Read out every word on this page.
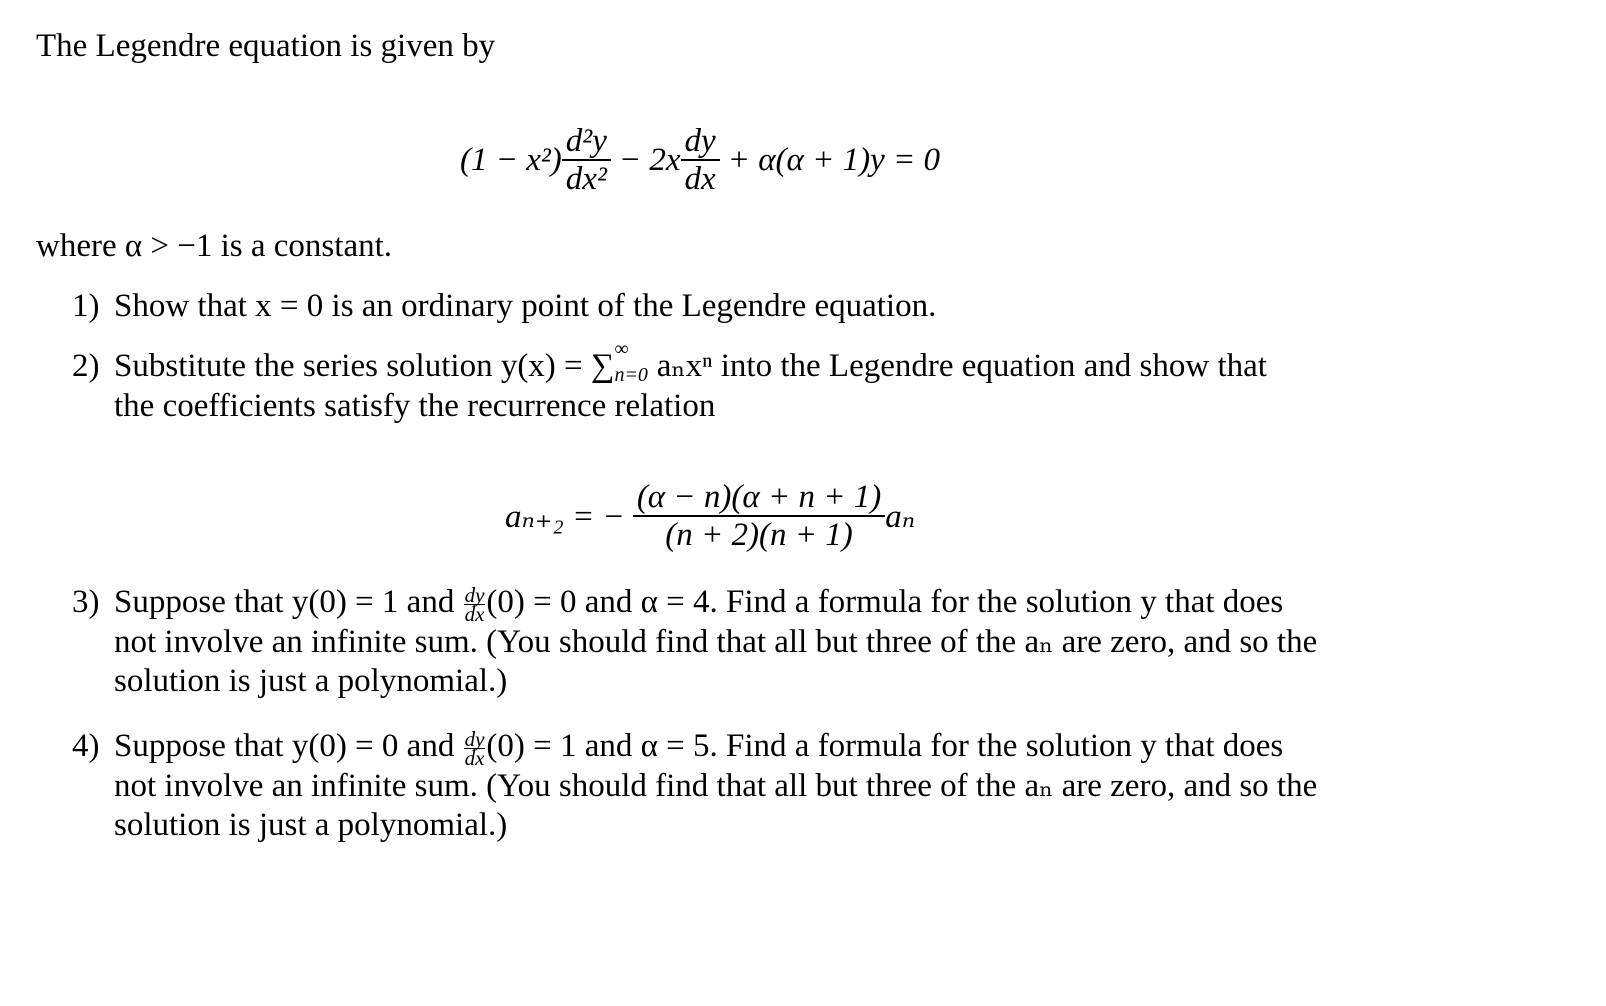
The Legendre equation is given by
$(1 - x^2) \frac{\text{d²y}}{\text{dx²}} - 2x \frac{dy}{dx} + \alpha(\alpha + 1)y = 0$
where α > −1 is a constant.
1) Show that x = 0 is an ordinary point of the Legendre equation.
2) Substitute the series solution y(x) = ∑ ∞
n=0 aₙxⁿ into the Legendre equation and show that
the coefficients satisfy the recurrence relation
aₙ₊₂ = − $\frac{(\alpha - n)(\alpha + n + 1)}{(n + 2)(n + 1)}$ aₙ
3) Suppose that y(0) = 1 and $\frac{dy}{dx} (0) = 0$ and α = 4. Find a formula for the solution y that does
not involve an infinite sum. (You should find that all but three of the aₙ are zero, and so the
solution is just a polynomial.)
4) Suppose that y(0) = 0 and $\frac{dy}{dx} (0) = 1$ and α = 5. Find a formula for the solution y that does
not involve an infinite sum. (You should find that all but three of the aₙ are zero, and so the
solution is just a polynomial.)
